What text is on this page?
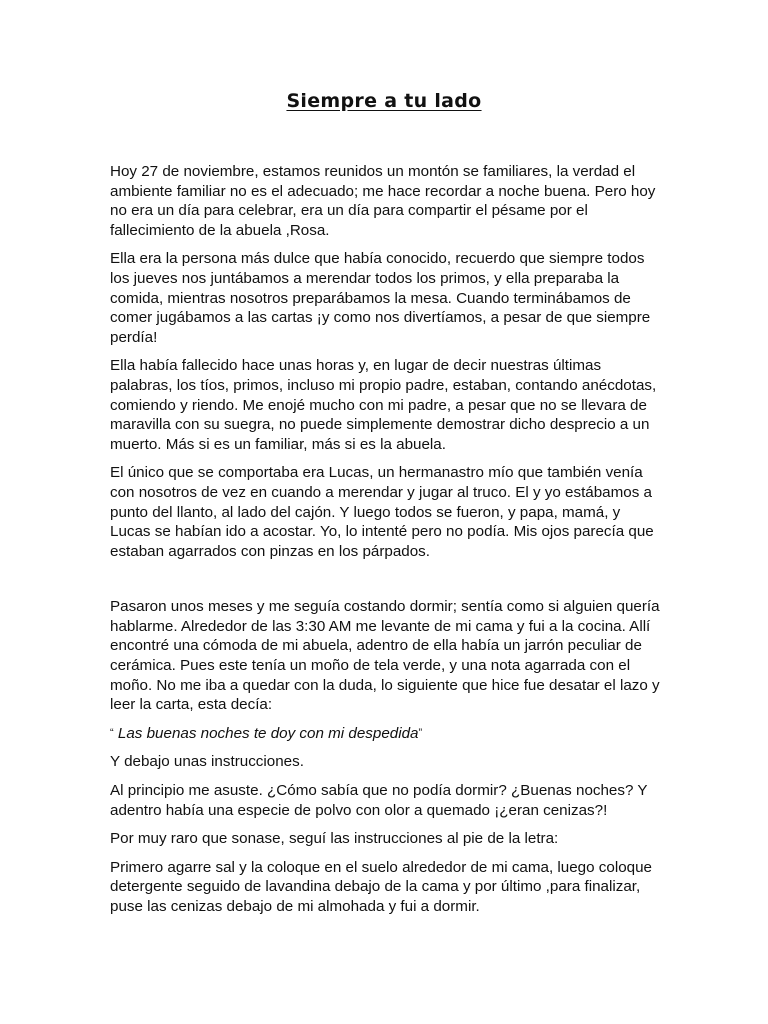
Siempre a tu lado

Hoy 27 de noviembre, estamos reunidos un montón se familiares, la verdad el ambiente familiar no es el adecuado; me hace recordar a noche buena. Pero hoy no era un día para celebrar, era un día para compartir el pésame por el fallecimiento de la abuela ,Rosa.

Ella era la persona más dulce que había conocido, recuerdo que siempre todos los jueves nos juntábamos a merendar todos los primos, y ella preparaba la comida, mientras nosotros preparábamos la mesa. Cuando terminábamos de comer jugábamos a las cartas ¡y como nos divertíamos, a pesar de que siempre perdía!

Ella había fallecido hace unas horas y, en lugar de decir nuestras últimas palabras, los tíos, primos, incluso mi propio padre, estaban, contando anécdotas, comiendo y riendo. Me enojé mucho con mi padre, a pesar que no se llevara de maravilla con su suegra, no puede simplemente demostrar dicho desprecio a un muerto. Más si es un familiar, más si es la abuela.

El único que se comportaba era Lucas, un hermanastro mío que también venía con nosotros de vez en cuando a merendar y jugar al truco. El y yo estábamos a punto del llanto, al lado del cajón. Y luego todos se fueron, y papa, mamá, y Lucas se habían ido a acostar. Yo, lo intenté pero no podía. Mis ojos parecía que estaban agarrados con pinzas en los párpados.

Pasaron unos meses y me seguía costando dormir; sentía como si alguien quería hablarme. Alrededor de las 3:30 AM me levante de mi cama y fui a la cocina. Allí encontré una cómoda de mi abuela, adentro de ella había un jarrón peculiar de cerámica. Pues este tenía un moño de tela verde, y una nota agarrada con el moño. No me iba a quedar con la duda, lo siguiente que hice fue desatar el lazo y leer la carta, esta decía:

“ Las buenas noches te doy con mi despedida”

Y debajo unas instrucciones.

Al principio me asuste. ¿Cómo sabía que no podía dormir? ¿Buenas noches? Y adentro había una especie de polvo con olor a quemado ¡¿eran cenizas?!

Por muy raro que sonase, seguí las instrucciones al pie de la letra:

Primero agarre sal y la coloque en el suelo alrededor de mi cama, luego coloque detergente seguido de lavandina debajo de la cama y por último ,para finalizar, puse las cenizas debajo de mi almohada y fui a dormir.
